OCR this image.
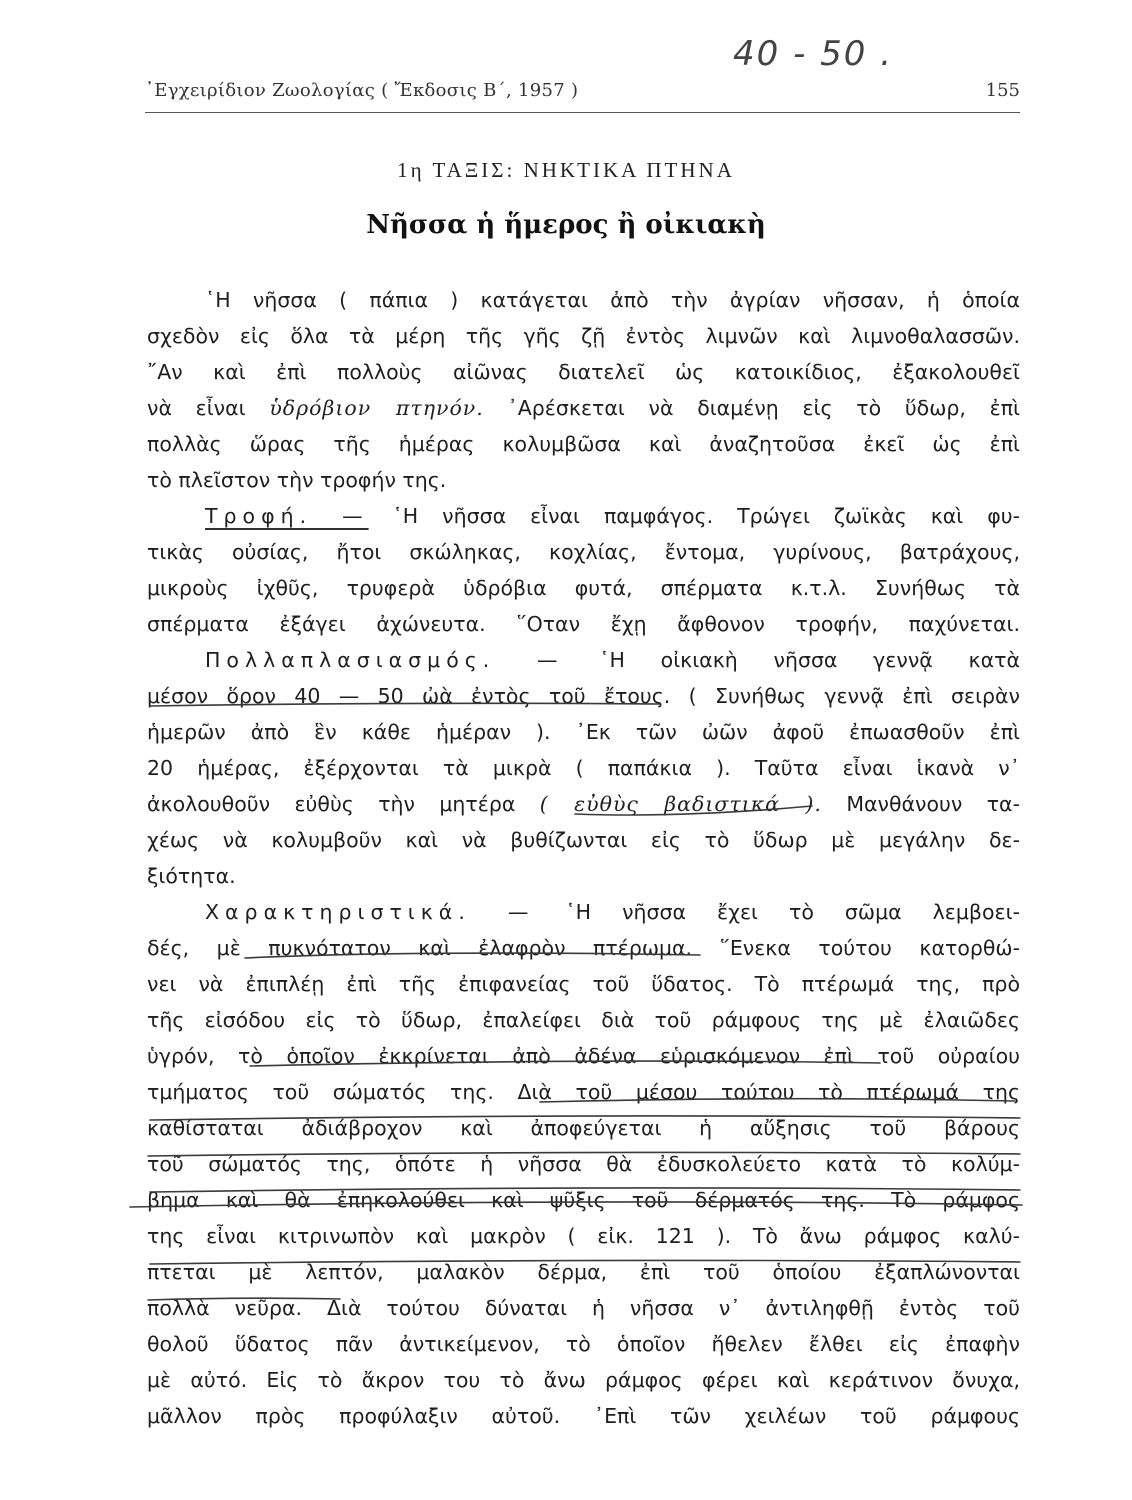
᾿Εγχειρίδιον Ζωολογίας ( Ἔκδοσις Β΄, 1957 )	155
40 - 50 .
1η ΤΑΞΙΣ: ΝΗΚΤΙΚΑ ΠΤΗΝΑ
Νῆσσα ἡ ἥμερος ἢ οἰκιακὴ
῾Η νῆσσα ( πάπια ) κατάγεται ἀπὸ τὴν ἀγρίαν νῆσσαν, ἡ ὁποία
σχεδὸν εἰς ὅλα τὰ μέρη τῆς γῆς ζῇ ἐντὸς λιμνῶν καὶ λιμνοθαλασσῶν.
῎Αν καὶ ἐπὶ πολλοὺς αἰῶνας διατελεῖ ὡς κατοικίδιος, ἐξακολουθεῖ
νὰ εἶναι ὑδρόβιον πτηνόν. ᾿Αρέσκεται νὰ διαμένῃ εἰς τὸ ὕδωρ, ἐπὶ
πολλὰς ὥρας τῆς ἡμέρας κολυμβῶσα καὶ ἀναζητοῦσα ἐκεῖ ὡς ἐπὶ
τὸ πλεῖστον τὴν τροφήν της.
Τροφή. — ῾Η νῆσσα εἶναι παμφάγος. Τρώγει ζωϊκὰς καὶ φυ-
τικὰς οὐσίας, ἤτοι σκώληκας, κοχλίας, ἔντομα, γυρίνους, βατράχους,
μικροὺς ἰχθῦς, τρυφερὰ ὑδρόβια φυτά, σπέρματα κ.τ.λ. Συνήθως τὰ
σπέρματα ἐξάγει ἀχώνευτα. ῞Οταν ἔχῃ ἄφθονον τροφήν, παχύνεται.
Πολλαπλασιασμός. — ῾Η οἰκιακὴ νῆσσα γεννᾷ κατὰ
μέσον ὅρον 40 — 50 ὠὰ ἐντὸς τοῦ ἔτους. ( Συνήθως γεννᾷ ἐπὶ σειρὰν
ἡμερῶν ἀπὸ ἓν κάθε ἡμέραν ). ᾿Εκ τῶν ὠῶν ἀφοῦ ἐπωασθοῦν ἐπὶ
20 ἡμέρας, ἐξέρχονται τὰ μικρὰ ( παπάκια ). Ταῦτα εἶναι ἱκανὰ ν᾿
ἀκολουθοῦν εὐθὺς τὴν μητέρα ( εὐθὺς βαδιστικά ). Μανθάνουν τα-
χέως νὰ κολυμβοῦν καὶ νὰ βυθίζωνται εἰς τὸ ὕδωρ μὲ μεγάλην δε-
ξιότητα.
Χαρακτηριστικά. — ῾Η νῆσσα ἔχει τὸ σῶμα λεμβοει-
δές, μὲ πυκνότατον καὶ ἐλαφρὸν πτέρωμα. ῞Ενεκα τούτου κατορθώ-
νει νὰ ἐπιπλέῃ ἐπὶ τῆς ἐπιφανείας τοῦ ὕδατος. Τὸ πτέρωμά της, πρὸ
τῆς εἰσόδου εἰς τὸ ὕδωρ, ἐπαλείφει διὰ τοῦ ράμφους της μὲ ἐλαιῶδες
ὑγρόν, τὸ ὁποῖον ἐκκρίνεται ἀπὸ ἀδένα εὑρισκόμενον ἐπὶ τοῦ οὐραίου
τμήματος τοῦ σώματός της. Διὰ τοῦ μέσου τούτου τὸ πτέρωμά της
καθίσταται ἀδιάβροχον καὶ ἀποφεύγεται ἡ αὔξησις τοῦ βάρους
τοῦ σώματός της, ὁπότε ἡ νῆσσα θὰ ἐδυσκολεύετο κατὰ τὸ κολύμ-
βημα καὶ θὰ ἐπηκολούθει καὶ ψῦξις τοῦ δέρματός της. Τὸ ράμφος
της εἶναι κιτρινωπὸν καὶ μακρὸν ( εἰκ. 121 ). Τὸ ἄνω ράμφος καλύ-
πτεται μὲ λεπτόν, μαλακὸν δέρμα, ἐπὶ τοῦ ὁποίου ἐξαπλώνονται
πολλὰ νεῦρα. Διὰ τούτου δύναται ἡ νῆσσα ν᾿ ἀντιληφθῇ ἐντὸς τοῦ
θολοῦ ὕδατος πᾶν ἀντικείμενον, τὸ ὁποῖον ἤθελεν ἔλθει εἰς ἐπαφὴν
μὲ αὐτό. Εἰς τὸ ἄκρον του τὸ ἄνω ράμφος φέρει καὶ κεράτινον ὄνυχα,
μᾶλλον πρὸς προφύλαξιν αὐτοῦ. ᾿Επὶ τῶν χειλέων τοῦ ράμφους
